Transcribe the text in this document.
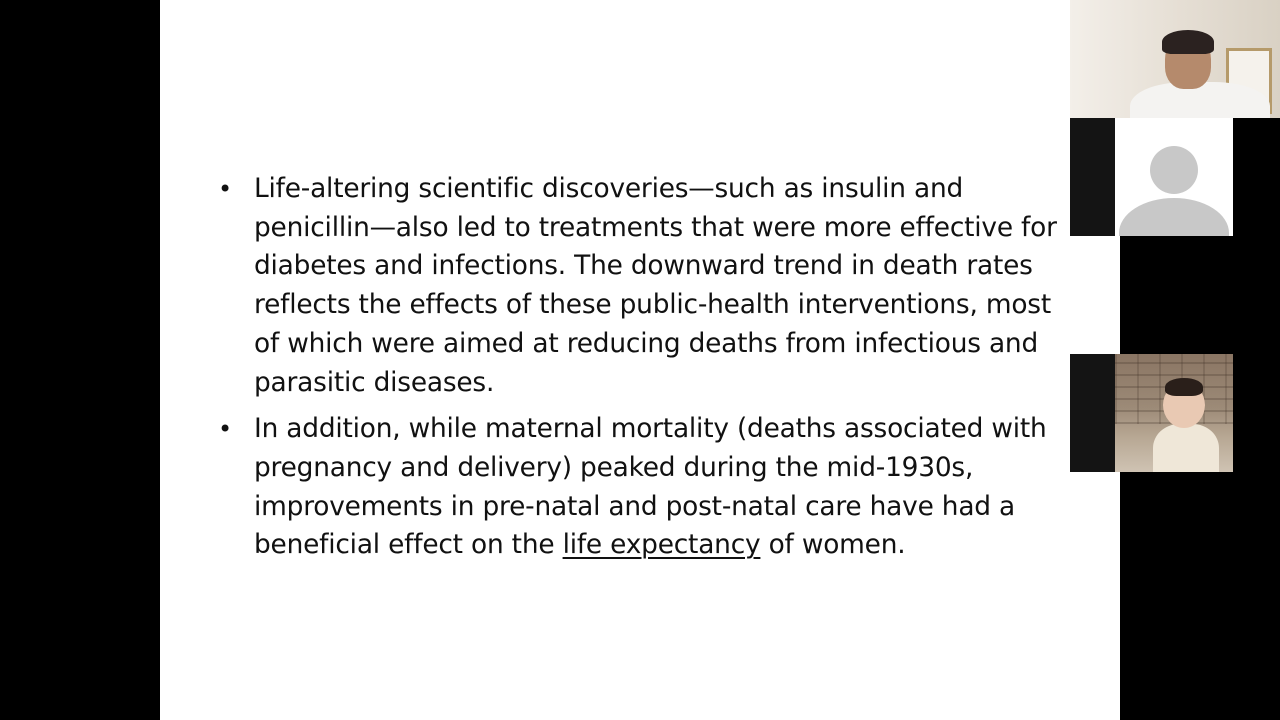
• Life-altering scientific discoveries—such as insulin and penicillin—also led to treatments that were more effective for diabetes and infections. The downward trend in death rates reflects the effects of these public-health interventions, most of which were aimed at reducing deaths from infectious and parasitic diseases.
• In addition, while maternal mortality (deaths associated with pregnancy and delivery) peaked during the mid-1930s, improvements in pre-natal and post-natal care have had a beneficial effect on the life expectancy of women.
